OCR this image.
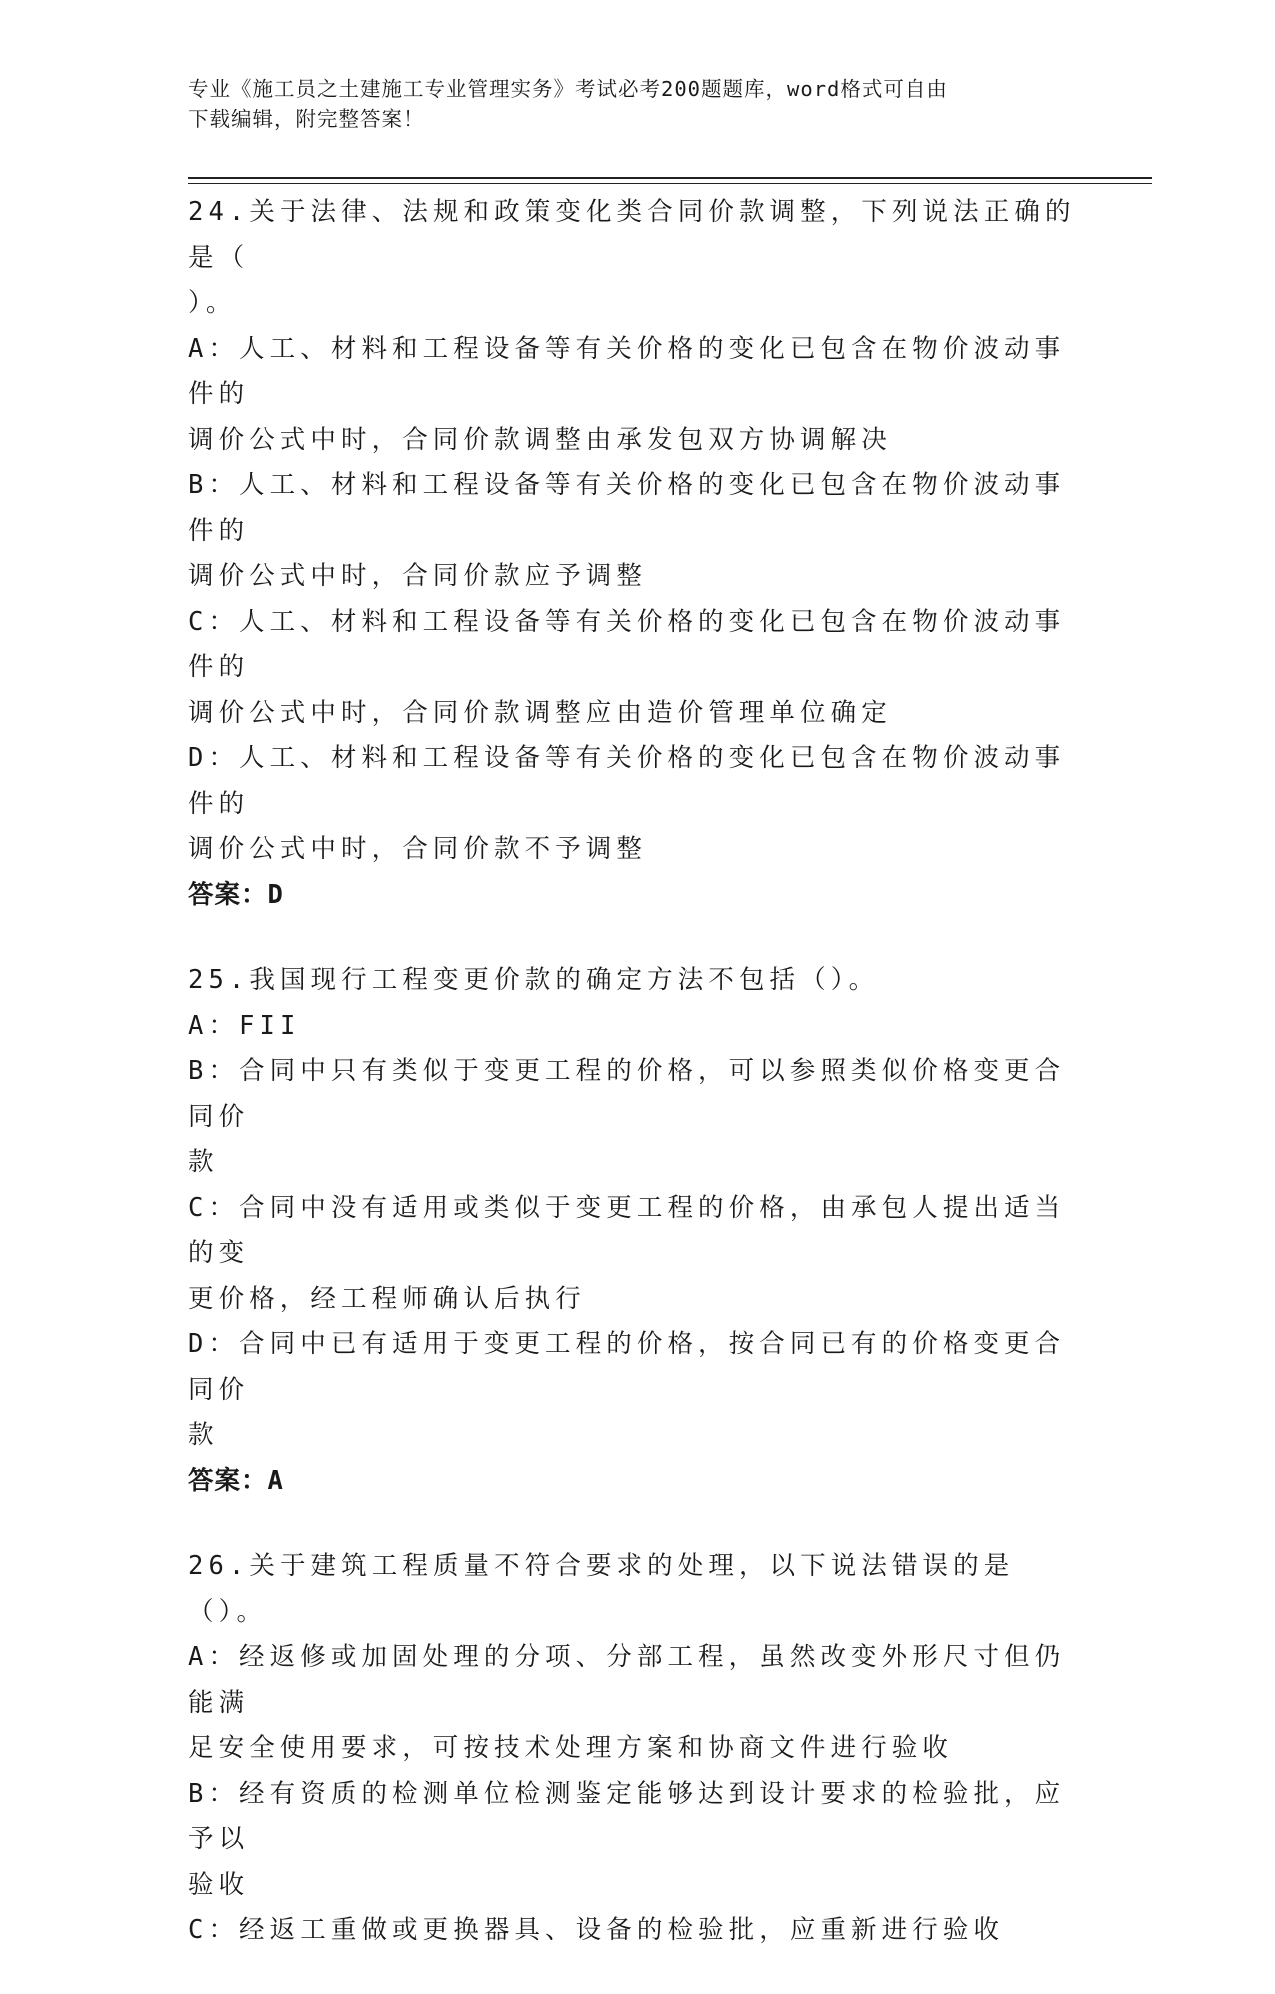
专业《施工员之土建施工专业管理实务》考试必考200题题库，word格式可自由
下载编辑，附完整答案！
24.关于法律、法规和政策变化类合同价款调整，下列说法正确的是（
）。
A：人工、材料和工程设备等有关价格的变化已包含在物价波动事件的
调价公式中时，合同价款调整由承发包双方协调解决
B：人工、材料和工程设备等有关价格的变化已包含在物价波动事件的
调价公式中时，合同价款应予调整
C：人工、材料和工程设备等有关价格的变化已包含在物价波动事件的
调价公式中时，合同价款调整应由造价管理单位确定
D：人工、材料和工程设备等有关价格的变化已包含在物价波动事件的
调价公式中时，合同价款不予调整
答案：D
25.我国现行工程变更价款的确定方法不包括（）。
A：FII
B：合同中只有类似于变更工程的价格，可以参照类似价格变更合同价
款
C：合同中没有适用或类似于变更工程的价格，由承包人提出适当的变
更价格，经工程师确认后执行
D：合同中已有适用于变更工程的价格，按合同已有的价格变更合同价
款
答案：A
26.关于建筑工程质量不符合要求的处理，以下说法错误的是（）。
A：经返修或加固处理的分项、分部工程，虽然改变外形尺寸但仍能满
足安全使用要求，可按技术处理方案和协商文件进行验收
B：经有资质的检测单位检测鉴定能够达到设计要求的检验批，应予以
验收
C：经返工重做或更换器具、设备的检验批，应重新进行验收
